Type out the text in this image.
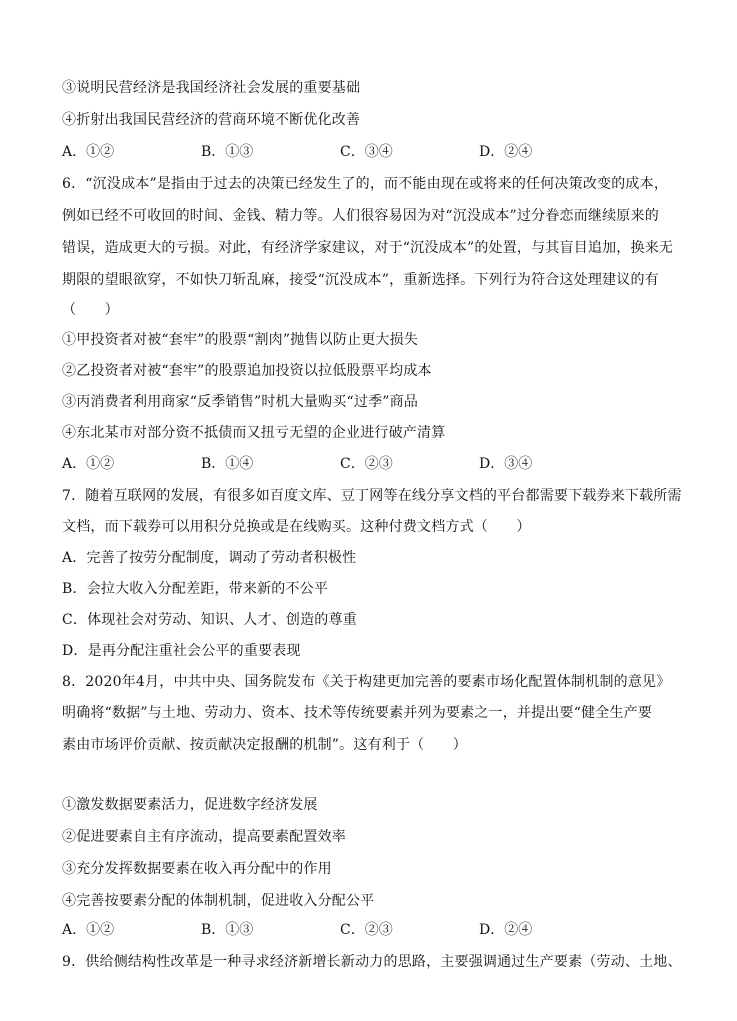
③说明民营经济是我国经济社会发展的重要基础
④折射出我国民营经济的营商环境不断优化改善
A．①②	B．①③	C．③④	D．②④
6．“沉没成本”是指由于过去的决策已经发生了的，而不能由现在或将来的任何决策改变的成本，
例如已经不可收回的时间、金钱、精力等。人们很容易因为对“沉没成本”过分眷恋而继续原来的
错误，造成更大的亏损。对此，有经济学家建议，对于“沉没成本”的处置，与其盲目追加，换来无
期限的望眼欲穿，不如快刀斩乱麻，接受“沉没成本”，重新选择。下列行为符合这处理建议的有
（　　）
①甲投资者对被“套牢”的股票“割肉”抛售以防止更大损失
②乙投资者对被“套牢”的股票追加投资以拉低股票平均成本
③丙消费者利用商家“反季销售”时机大量购买“过季”商品
④东北某市对部分资不抵债而又扭亏无望的企业进行破产清算
A．①②	B．①④	C．②③	D．③④
7．随着互联网的发展，有很多如百度文库、豆丁网等在线分享文档的平台都需要下载券来下载所需
文档，而下载券可以用积分兑换或是在线购买。这种付费文档方式（　　）
A．完善了按劳分配制度，调动了劳动者积极性
B．会拉大收入分配差距，带来新的不公平
C．体现社会对劳动、知识、人才、创造的尊重
D．是再分配注重社会公平的重要表现
8．2020年4月，中共中央、国务院发布《关于构建更加完善的要素市场化配置体制机制的意见》
明确将“数据”与土地、劳动力、资本、技术等传统要素并列为要素之一，并提出要“健全生产要
素由市场评价贡献、按贡献决定报酬的机制”。这有利于（　　）
①激发数据要素活力，促进数字经济发展
②促进要素自主有序流动，提高要素配置效率
③充分发挥数据要素在收入再分配中的作用
④完善按要素分配的体制机制，促进收入分配公平
A．①②	B．①③	C．②③	D．②④
9．供给侧结构性改革是一种寻求经济新增长新动力的思路，主要强调通过生产要素（劳动、土地、
